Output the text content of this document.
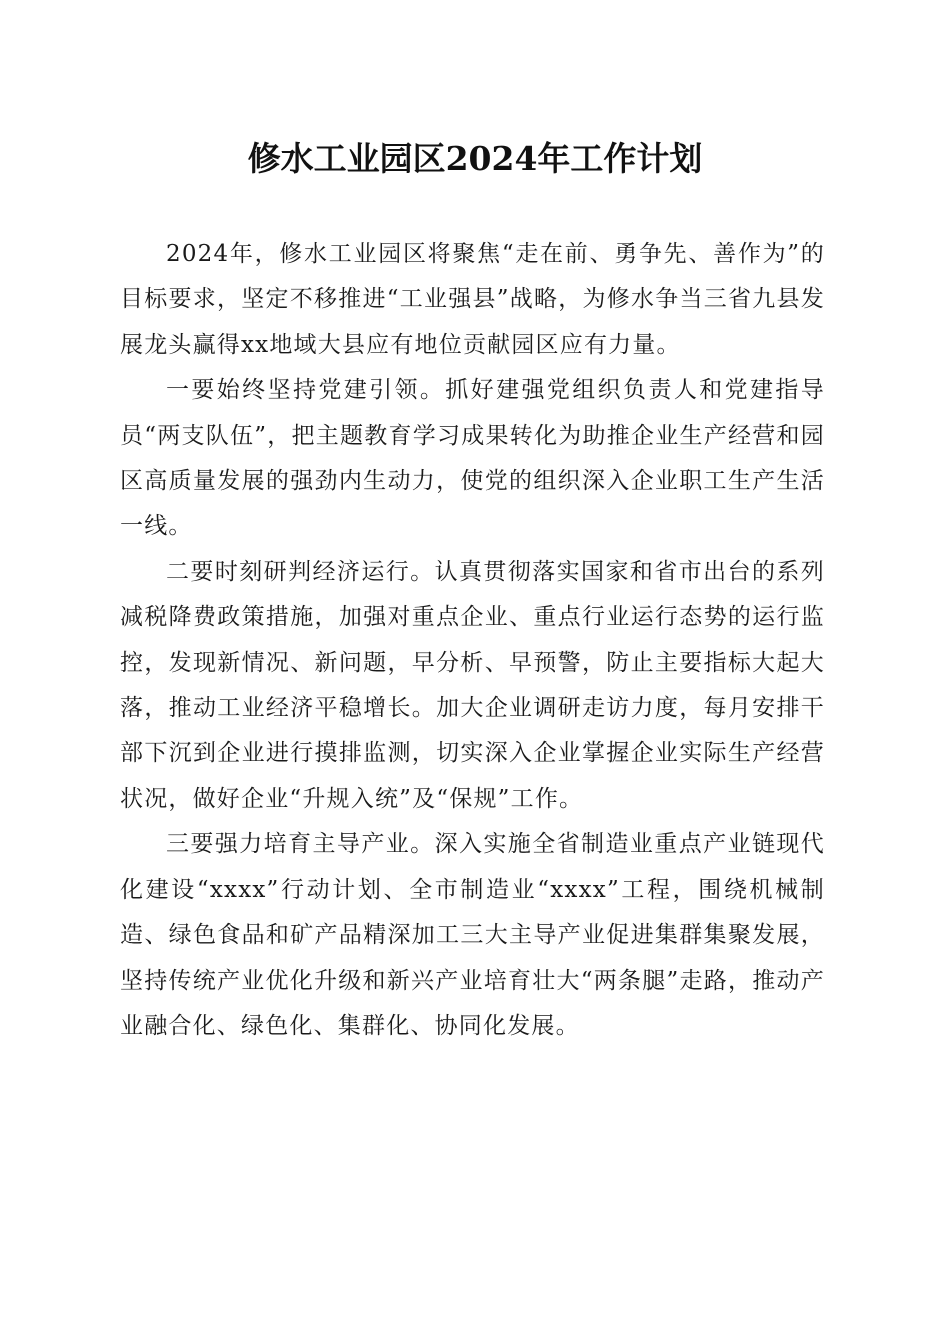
修水工业园区2024年工作计划

2024年，修水工业园区将聚焦“走在前、勇争先、善作为”的目标要求，坚定不移推进“工业强县”战略，为修水争当三省九县发展龙头赢得xx地域大县应有地位贡献园区应有力量。

一要始终坚持党建引领。抓好建强党组织负责人和党建指导员“两支队伍”，把主题教育学习成果转化为助推企业生产经营和园区高质量发展的强劲内生动力，使党的组织深入企业职工生产生活一线。

二要时刻研判经济运行。认真贯彻落实国家和省市出台的系列减税降费政策措施，加强对重点企业、重点行业运行态势的运行监控，发现新情况、新问题，早分析、早预警，防止主要指标大起大落，推动工业经济平稳增长。加大企业调研走访力度，每月安排干部下沉到企业进行摸排监测，切实深入企业掌握企业实际生产经营状况，做好企业“升规入统”及“保规”工作。

三要强力培育主导产业。深入实施全省制造业重点产业链现代化建设“xxxx”行动计划、全市制造业“xxxx”工程，围绕机械制造、绿色食品和矿产品精深加工三大主导产业促进集群集聚发展，坚持传统产业优化升级和新兴产业培育壮大“两条腿”走路，推动产业融合化、绿色化、集群化、协同化发展。
